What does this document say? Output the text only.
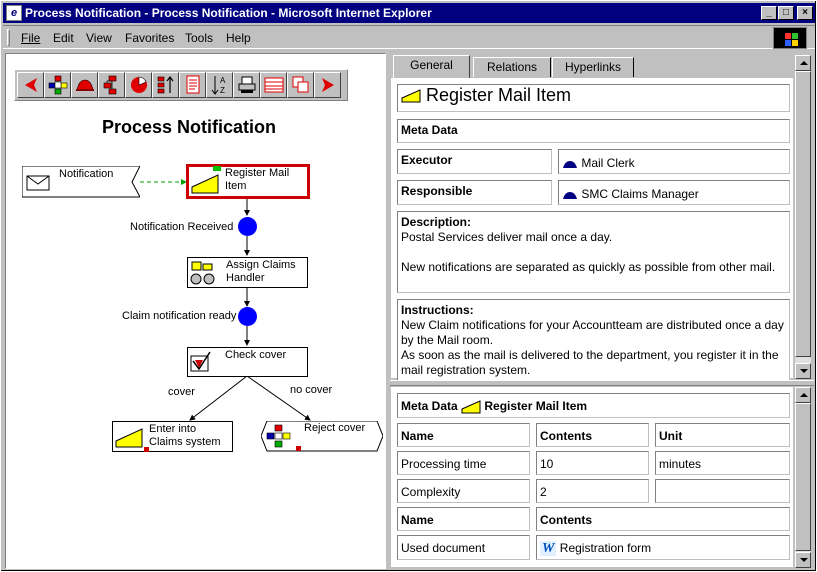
e Process Notification - Process Notification - Microsoft Internet Explorer	_	□	×
File Edit View Favorites Tools Help
A
Z
Process Notification
Notification	Register Mail Item
Notification Received
Assign Claims Handler
Claim notification ready
Check cover
cover	no cover
Enter into Claims system
Reject cover
General	Relations	Hyperlinks
Register Mail Item
Meta Data
Executor	Mail Clerk
Responsible	SMC Claims Manager
Description:
Postal Services deliver mail once a day.
New notifications are separated as quickly as possible from other mail.
Instructions:
New Claim notifications for your Accountteam are distributed once a day by the Mail room.
As soon as the mail is delivered to the department, you register it in the mail registration system.
Meta Data Register Mail Item
Name	Contents	Unit
Processing time	10	minutes
Complexity	2
Name	Contents
Used document	W Registration form
